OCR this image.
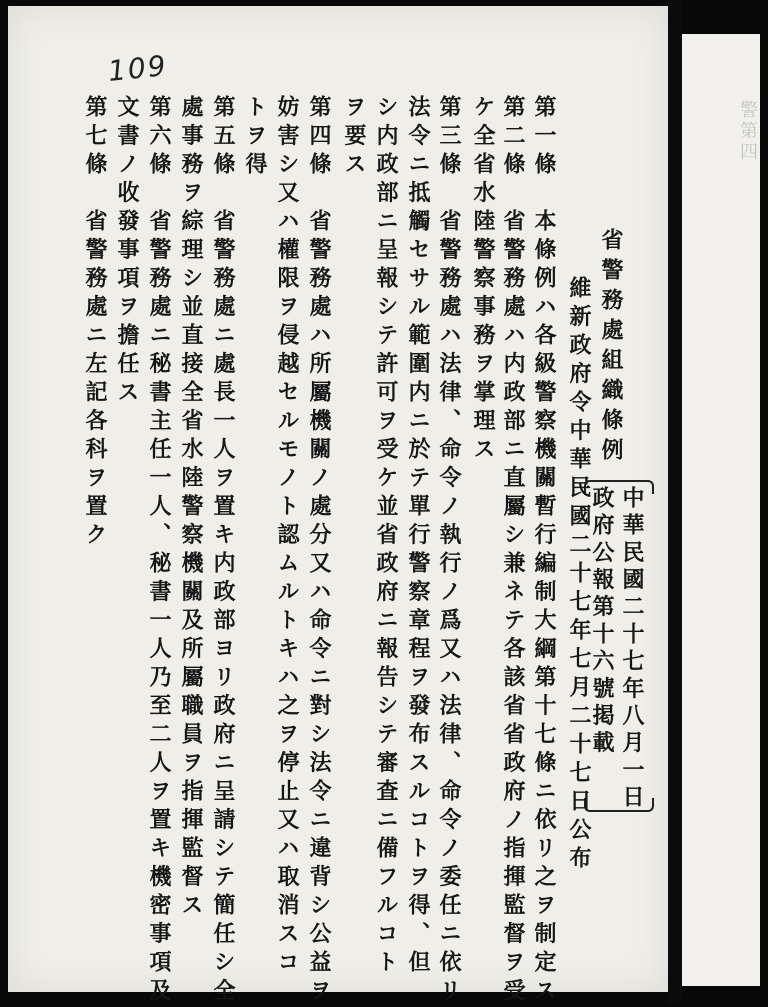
警第四
109
中華民國二十七年八月一日
政府公報第十六號掲載
省警務處組織條例
維新政府令中華民國二十七年七月二十七日公布
第一條　本條例ハ各級警察機關暫行編制大綱第十七條ニ依リ之ヲ制定ス
第二條　省警務處ハ内政部ニ直屬シ兼ネテ各該省省政府ノ指揮監督ヲ受
ケ全省水陸警察事務ヲ掌理ス
第三條　省警務處ハ法律、命令ノ執行ノ爲又ハ法律、命令ノ委任ニ依リ
法令ニ抵觸セサル範圍内ニ於テ單行警察章程ヲ發布スルコトヲ得、但
シ内政部ニ呈報シテ許可ヲ受ケ並省政府ニ報告シテ審査ニ備フルコト
ヲ要ス
第四條　省警務處ハ所屬機關ノ處分又ハ命令ニ對シ法令ニ違背シ公益ヲ
妨害シ又ハ權限ヲ侵越セルモノト認ムルトキハ之ヲ停止又ハ取消スコ
トヲ得
第五條　省警務處ニ處長一人ヲ置キ内政部ヨリ政府ニ呈請シテ簡任シ全
處事務ヲ綜理シ並直接全省水陸警察機關及所屬職員ヲ指揮監督ス
第六條　省警務處ニ秘書主任一人、秘書一人乃至二人ヲ置キ機密事項及
文書ノ收發事項ヲ擔任ス
第七條　省警務處ニ左記各科ヲ置ク
